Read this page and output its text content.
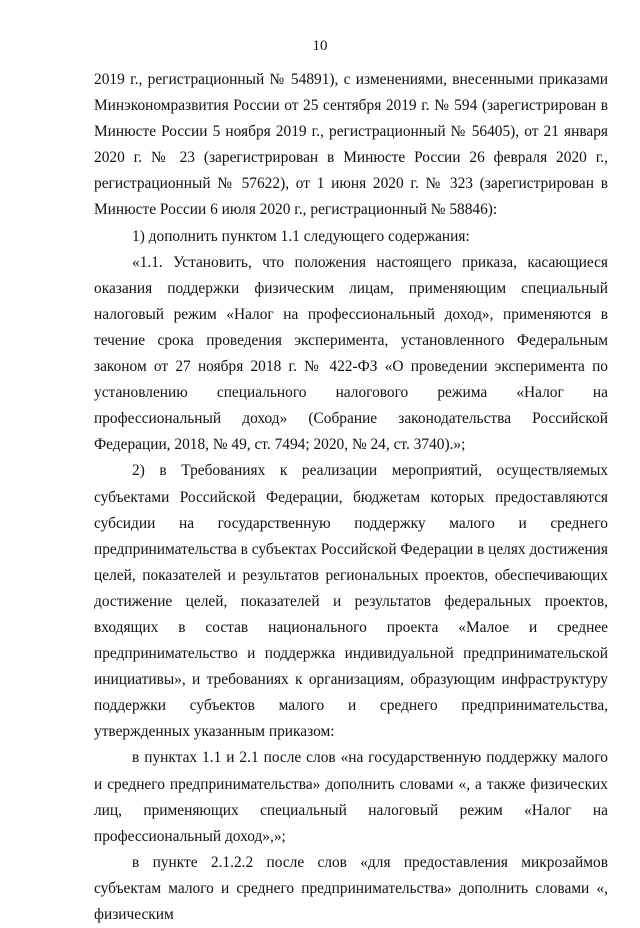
10

2019 г., регистрационный № 54891), с изменениями, внесенными приказами Минэкономразвития России от 25 сентября 2019 г. № 594 (зарегистрирован в Минюсте России 5 ноября 2019 г., регистрационный № 56405), от 21 января 2020 г. № 23 (зарегистрирован в Минюсте России 26 февраля 2020 г., регистрационный № 57622), от 1 июня 2020 г. № 323 (зарегистрирован в Минюсте России 6 июля 2020 г., регистрационный № 58846):

1) дополнить пунктом 1.1 следующего содержания:

«1.1. Установить, что положения настоящего приказа, касающиеся оказания поддержки физическим лицам, применяющим специальный налоговый режим «Налог на профессиональный доход», применяются в течение срока проведения эксперимента, установленного Федеральным законом от 27 ноября 2018 г. № 422-ФЗ «О проведении эксперимента по установлению специального налогового режима «Налог на профессиональный доход» (Собрание законодательства Российской Федерации, 2018, № 49, ст. 7494; 2020, № 24, ст. 3740).»;

2) в Требованиях к реализации мероприятий, осуществляемых субъектами Российской Федерации, бюджетам которых предоставляются субсидии на государственную поддержку малого и среднего предпринимательства в субъектах Российской Федерации в целях достижения целей, показателей и результатов региональных проектов, обеспечивающих достижение целей, показателей и результатов федеральных проектов, входящих в состав национального проекта «Малое и среднее предпринимательство и поддержка индивидуальной предпринимательской инициативы», и требованиях к организациям, образующим инфраструктуру поддержки субъектов малого и среднего предпринимательства, утвержденных указанным приказом:

в пунктах 1.1 и 2.1 после слов «на государственную поддержку малого и среднего предпринимательства» дополнить словами «, а также физических лиц, применяющих специальный налоговый режим «Налог на профессиональный доход»,»;

в пункте 2.1.2.2 после слов «для предоставления микрозаймов субъектам малого и среднего предпринимательства» дополнить словами «, физическим
